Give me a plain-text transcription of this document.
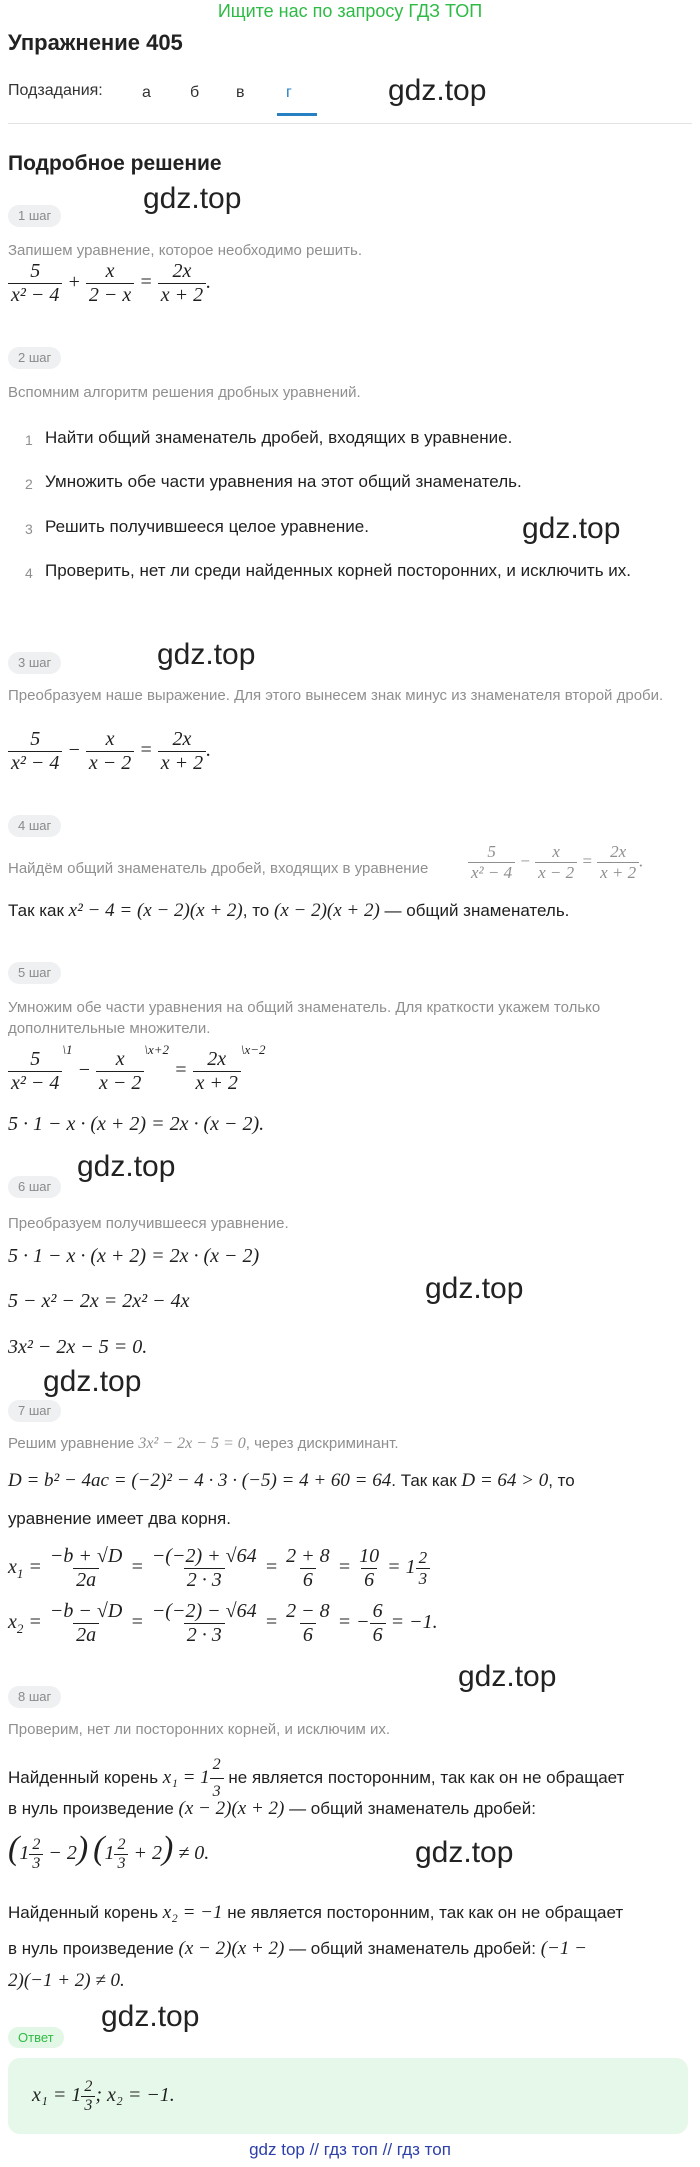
Ищите нас по запросу ГДЗ ТОП
Упражнение 405
Подзадания: а б в	г	gdz.top
Подробное решение
gdz.top
1 шаг
Запишем уравнение, которое необходимо решить.
$\frac{5}{\text{x² − 4}} + \frac{x}{2 - x} = \frac{2x}{x + 2}$ .
2 шаг
Вспомним алгоритм решения дробных уравнений.
1 Найти общий знаменатель дробей, входящих в уравнение.
2 Умножить обе части уравнения на этот общий знаменатель.
3 Решить получившееся целое уравнение.	gdz.top
4 Проверить, нет ли среди найденных корней посторонних, и исключить их.
3 шаг	gdz.top
Преобразуем наше выражение. Для этого вынесем знак минус из знаменателя второй дроби.
$\frac{5}{\text{x² − 4}} - \frac{x}{x - 2} = \frac{2x}{x + 2}$ .
4 шаг
Найдём общий знаменатель дробей, входящих в уравнение $\frac{5}{\text{x² − 4}} - \frac{x}{x - 2} = \frac{2x}{x + 2}$ .
Так как x² − 4 = (x − 2)(x + 2), то (x − 2)(x + 2) — общий знаменатель.
5 шаг
Умножим обе части уравнения на общий знаменатель. Для краткости укажем только дополнительные множители.
$\frac{5}{\text{x² − 4}} ^{\backslash 1} - \frac{x}{x - 2} ^{\backslash x+2} = \frac{2x}{x + 2} ^{\backslash x-2}$
5 · 1 − x · (x + 2) = 2x · (x − 2).
6 шаг
gdz.top
Преобразуем получившееся уравнение.
5 · 1 − x · (x + 2) = 2x · (x − 2)
gdz.top
5 − x² − 2x = 2x² − 4x
3x² − 2x − 5 = 0.
gdz.top
7 шаг
Решим уравнение 3x² − 2x − 5 = 0, через дискриминант.
D = b² − 4ac = (−2)² − 4 · 3 · (−5) = 4 + 60 = 64. Так как D = 64 > 0, то
уравнение имеет два корня.
$x_1 = \frac{-b + √D}{2a} = \frac{-(-2) + √64}{2 \cdot 3} = \frac{2 + 8}{6} = \frac{10}{6} = 1 \frac{2}{3}$
$x_2 = \frac{-b - √D}{2a} = \frac{-(-2) - √64}{2 \cdot 3} = \frac{2 - 8}{6}$ = − $\frac{6}{6} = -1$.
gdz.top
8 шаг
Проверим, нет ли посторонних корней, и исключим их.
Найденный корень $x_1 = 1 \frac{2}{3}$ не является посторонним, так как он не обращает
в нуль произведение (x − 2)(x + 2) — общий знаменатель дробей:
$(1 \frac{2}{3} - 2)$ $(1 \frac{2}{3} + 2) \ne 0$.	gdz.top
Найденный корень x₂ = −1 не является посторонним, так как он не обращает
в нуль произведение (x − 2)(x + 2) — общий знаменатель дробей: (−1 −
2)(−1 + 2) ≠ 0.
Ответ
gdz.top
$x_1 = 1 \frac{2}{3}$ ; x₂ = −1.
gdz top // гдз топ // гдз топ
